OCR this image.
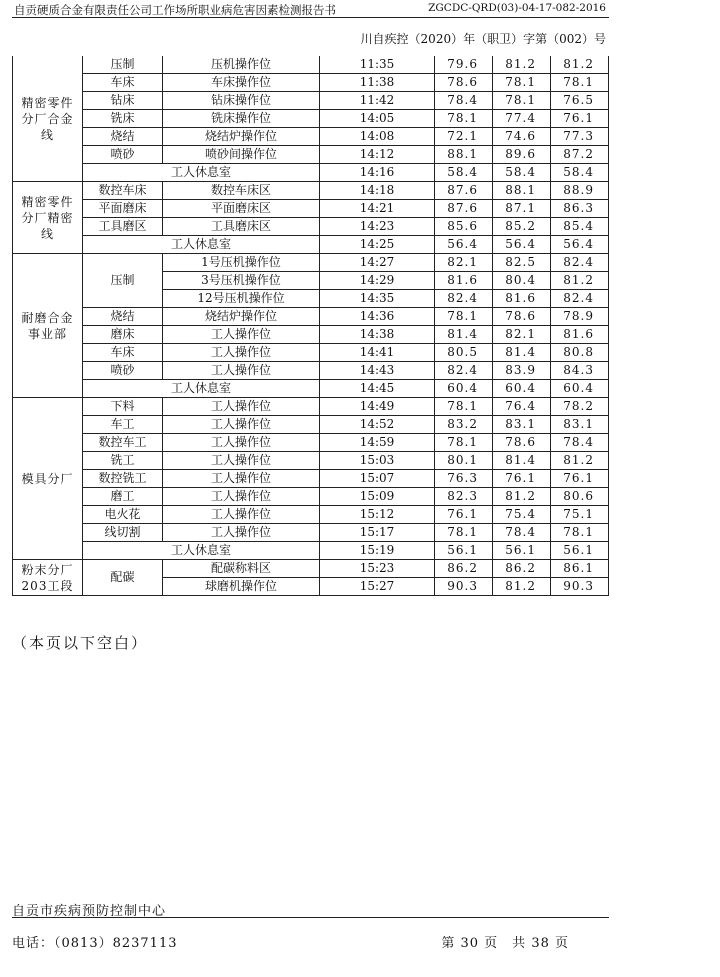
自贡硬质合金有限责任公司工作场所职业病危害因素检测报告书	ZGCDC-QRD(03)-04-17-082-2016
川自疾控（2020）年（职卫）字第（002）号
精密零件分厂合金线	压制	压机操作位	11:35	79.6	81.2	81.2
	车床	车床操作位	11:38	78.6	78.1	78.1
	钻床	钻床操作位	11:42	78.4	78.1	76.5
	铣床	铣床操作位	14:05	78.1	77.4	76.1
	烧结	烧结炉操作位	14:08	72.1	74.6	77.3
	喷砂	喷砂间操作位	14:12	88.1	89.6	87.2
	工人休息室		14:16	58.4	58.4	58.4
精密零件分厂精密线	数控车床	数控车床区	14:18	87.6	88.1	88.9
	平面磨床	平面磨床区	14:21	87.6	87.1	86.3
	工具磨区	工具磨床区	14:23	85.6	85.2	85.4
	工人休息室		14:25	56.4	56.4	56.4
耐磨合金事业部	压制	1号压机操作位	14:27	82.1	82.5	82.4
		3号压机操作位	14:29	81.6	80.4	81.2
		12号压机操作位	14:35	82.4	81.6	82.4
	烧结	烧结炉操作位	14:36	78.1	78.6	78.9
	磨床	工人操作位	14:38	81.4	82.1	81.6
	车床	工人操作位	14:41	80.5	81.4	80.8
	喷砂	工人操作位	14:43	82.4	83.9	84.3
	工人休息室		14:45	60.4	60.4	60.4
模具分厂	下料	工人操作位	14:49	78.1	76.4	78.2
	车工	工人操作位	14:52	83.2	83.1	83.1
	数控车工	工人操作位	14:59	78.1	78.6	78.4
	铣工	工人操作位	15:03	80.1	81.4	81.2
	数控铣工	工人操作位	15:07	76.3	76.1	76.1
	磨工	工人操作位	15:09	82.3	81.2	80.6
	电火花	工人操作位	15:12	76.1	75.4	75.1
	线切割	工人操作位	15:17	78.1	78.4	78.1
	工人休息室		15:19	56.1	56.1	56.1
粉末分厂203工段	配碳	配碳称料区	15:23	86.2	86.2	86.1
		球磨机操作位	15:27	90.3	81.2	90.3
（本页以下空白）
自贡市疾病预防控制中心
电话：（0813）8237113	第 30 页　共 38 页
